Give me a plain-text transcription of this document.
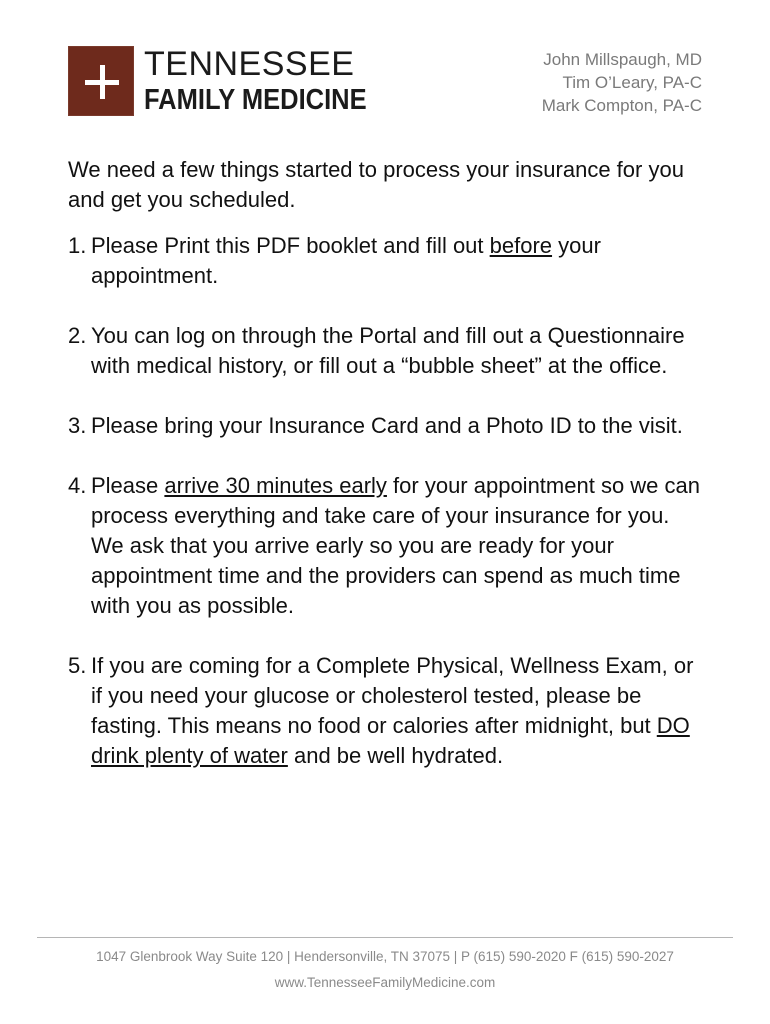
TENNESSEE
FAMILY MEDICINE
John Millspaugh, MD
Tim O’Leary, PA-C
Mark Compton, PA-C
We need a few things started to process your insurance for you and get you scheduled.
1. Please Print this PDF booklet and fill out before your appointment.
2. You can log on through the Portal and fill out a Questionnaire with medical history, or fill out a “bubble sheet” at the office.
3. Please bring your Insurance Card and a Photo ID to the visit.
4. Please arrive 30 minutes early for your appointment so we can process everything and take care of your insurance for you. We ask that you arrive early so you are ready for your appointment time and the providers can spend as much time with you as possible.
5. If you are coming for a Complete Physical, Wellness Exam, or if you need your glucose or cholesterol tested, please be fasting. This means no food or calories after midnight, but DO drink plenty of water and be well hydrated.
1047 Glenbrook Way Suite 120 | Hendersonville, TN 37075 | P (615) 590-2020 F (615) 590-2027
www.TennesseeFamilyMedicine.com
